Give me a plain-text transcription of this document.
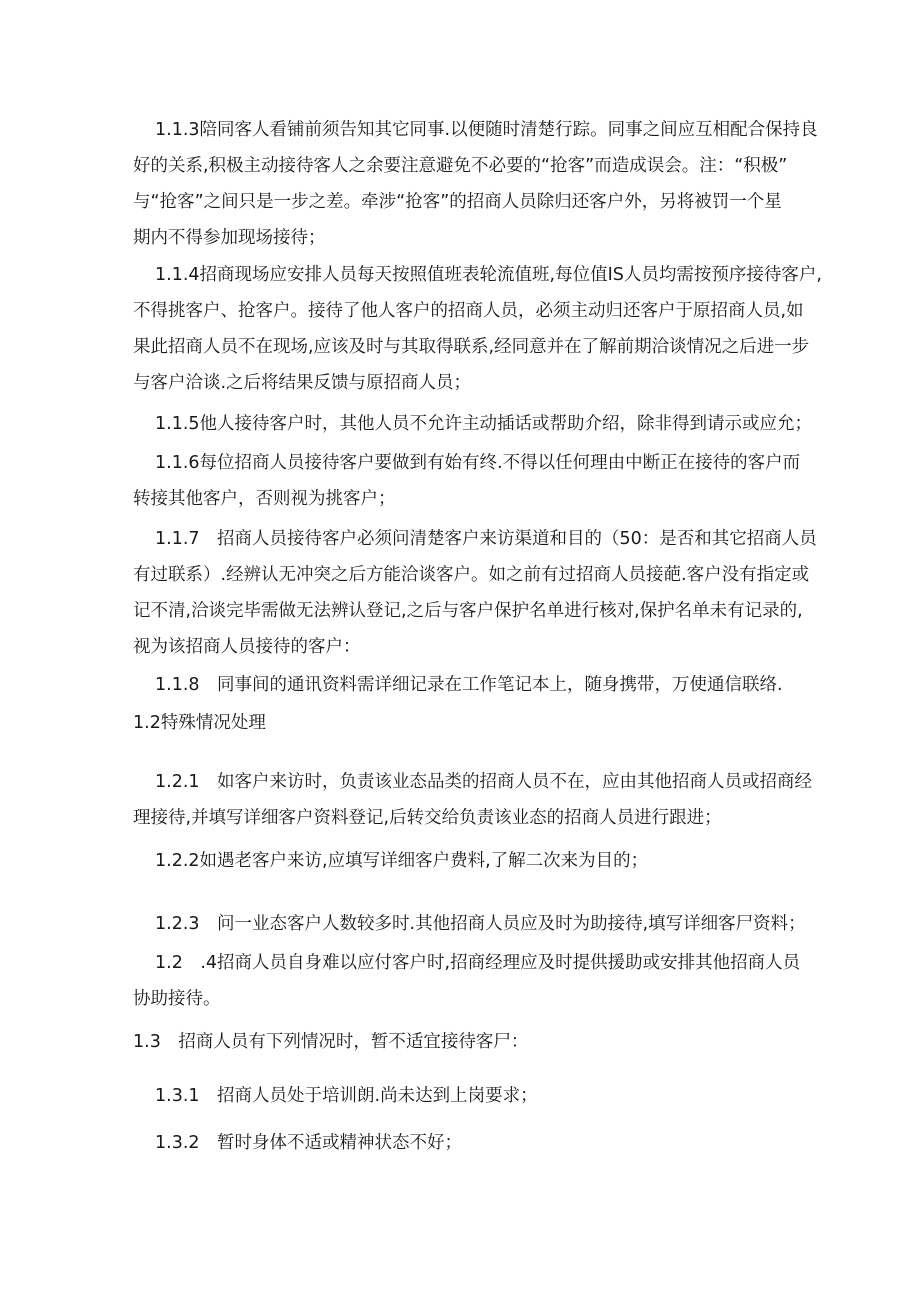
1.1.3陪同客人看铺前须告知其它同事.以便随时清楚行踪。同事之间应互相配合保持良
好的关系,积极主动接待客人之余要注意避免不必要的“抢客”而造成误会。注：“积极”
与“抢客”之间只是一步之差。牵涉“抢客”的招商人员除归还客户外，另将被罚一个星
期内不得参加现场接待；
1.1.4招商现场应安排人员每天按照值班表轮流值班,每位值IS人员均需按预序接待客户,
不得挑客户、抢客户。接待了他人客户的招商人员，必须主动归还客户于原招商人员,如
果此招商人员不在现场,应该及时与其取得联系,经同意并在了解前期洽谈情况之后进一步
与客户洽谈.之后将结果反馈与原招商人员；
1.1.5他人接待客户时，其他人员不允许主动插话或帮助介绍，除非得到请示或应允；
1.1.6每位招商人员接待客户要做到有始有终.不得以任何理由中断正在接待的客户而
转接其他客户，否则视为挑客户；
1.1.7　招商人员接待客户必须问清楚客户来访渠道和目的（50：是否和其它招商人员
有过联系）.经辨认无冲突之后方能洽谈客户。如之前有过招商人员接葩.客户没有指定或
记不清,洽谈完毕需做无法辨认登记,之后与客户保护名单进行核对,保护名单未有记录的,
视为该招商人员接待的客户：
1.1.8　同事间的通讯资料需详细记录在工作笔记本上，随身携带，万使通信联络.
1.2特殊情况处理
1.2.1　如客户来访时，负责该业态品类的招商人员不在，应由其他招商人员或招商经
理接待,并填写详细客户资料登记,后转交给负责该业态的招商人员进行跟进；
1.2.2如遇老客户来访,应填写详细客户费料,了解二次来为目的；
1.2.3　问一业态客户人数较多时.其他招商人员应及时为助接待,填写详细客尸资料；
1.2　.4招商人员自身难以应付客户时,招商经理应及时提供援助或安排其他招商人员
协助接待。
1.3　招商人员有下列情况时，暂不适宜接待客尸：
1.3.1　招商人员处于培训朗.尚未达到上岗要求；
1.3.2　暂时身体不适或精神状态不好；
